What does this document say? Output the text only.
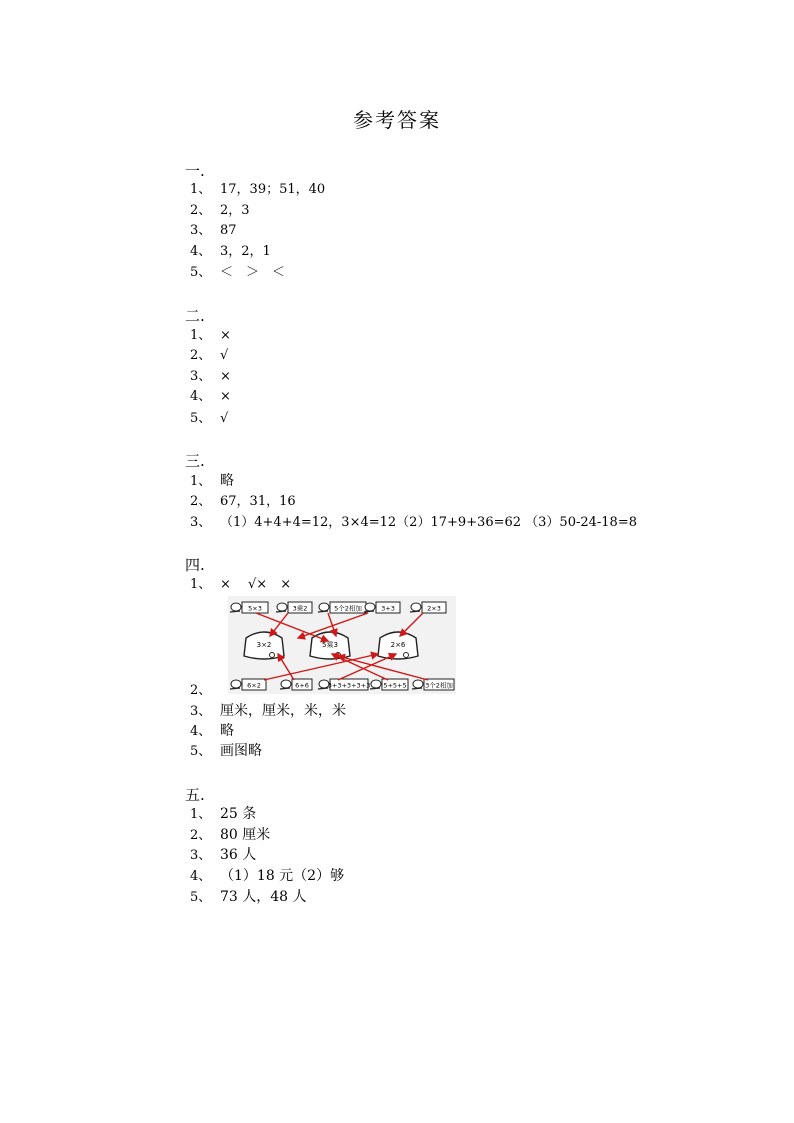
参考答案
一.
1、 17，39；51，40
2、 2，3
3、 87
4、 3，2，1
5、 ＜　＞　＜
二.
1、 ×
2、 √
3、 ×
4、 ×
5、 √
三.
1、 略
2、 67，31，16
3、 （1）4+4+4=12，3×4=12（2）17+9+36=62 （3）50-24-18=8
四.
1、 ×　 √×　×
5×3	3乘2	5个2相加	3+3	2×3
3×2	5乘3	2×6
6×2	6+6	3+3+3+3+3 5+5+5	3个2相加
2、
3、 厘米，厘米，米，米
4、 略
5、 画图略
五.
1、 25 条
2、 80 厘米
3、 36 人
4、 （1）18 元（2）够
5、 73 人，48 人
